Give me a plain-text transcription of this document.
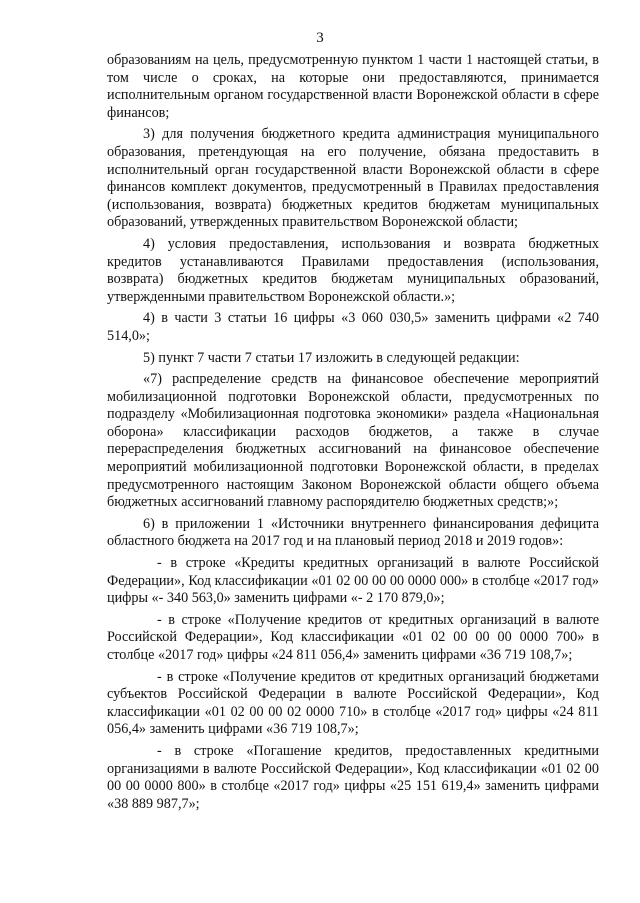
3

образованиям на цель, предусмотренную пунктом 1 части 1 настоящей статьи, в том числе о сроках, на которые они предоставляются, принимается исполнительным органом государственной власти Воронежской области в сфере финансов;

3) для получения бюджетного кредита администрация муниципального образования, претендующая на его получение, обязана предоставить в исполнительный орган государственной власти Воронежской области в сфере финансов комплект документов, предусмотренный в Правилах предоставления (использования, возврата) бюджетных кредитов бюджетам муниципальных образований, утвержденных правительством Воронежской области;

4) условия предоставления, использования и возврата бюджетных кредитов устанавливаются Правилами предоставления (использования, возврата) бюджетных кредитов бюджетам муниципальных образований, утвержденными правительством Воронежской области.»;

4) в части 3 статьи 16 цифры «3 060 030,5» заменить цифрами «2 740 514,0»;

5) пункт 7 части 7 статьи 17 изложить в следующей редакции:

«7) распределение средств на финансовое обеспечение мероприятий мобилизационной подготовки Воронежской области, предусмотренных по подразделу «Мобилизационная подготовка экономики» раздела «Национальная оборона» классификации расходов бюджетов, а также в случае перераспределения бюджетных ассигнований на финансовое обеспечение мероприятий мобилизационной подготовки Воронежской области, в пределах предусмотренного настоящим Законом Воронежской области общего объема бюджетных ассигнований главному распорядителю бюджетных средств;»;

6) в приложении 1 «Источники внутреннего финансирования дефицита областного бюджета на 2017 год и на плановый период 2018 и 2019 годов»:

- в строке «Кредиты кредитных организаций в валюте Российской Федерации», Код классификации «01 02 00 00 00 0000 000» в столбце «2017 год» цифры «- 340 563,0» заменить цифрами «- 2 170 879,0»;

- в строке «Получение кредитов от кредитных организаций в валюте Российской Федерации», Код классификации «01 02 00 00 00 0000 700» в столбце «2017 год» цифры «24 811 056,4» заменить цифрами «36 719 108,7»;

- в строке «Получение кредитов от кредитных организаций бюджетами субъектов Российской Федерации в валюте Российской Федерации», Код классификации «01 02 00 00 02 0000 710» в столбце «2017 год» цифры «24 811 056,4» заменить цифрами «36 719 108,7»;

- в строке «Погашение кредитов, предоставленных кредитными организациями в валюте Российской Федерации», Код классификации «01 02 00 00 00 0000 800» в столбце «2017 год» цифры «25 151 619,4» заменить цифрами «38 889 987,7»;
